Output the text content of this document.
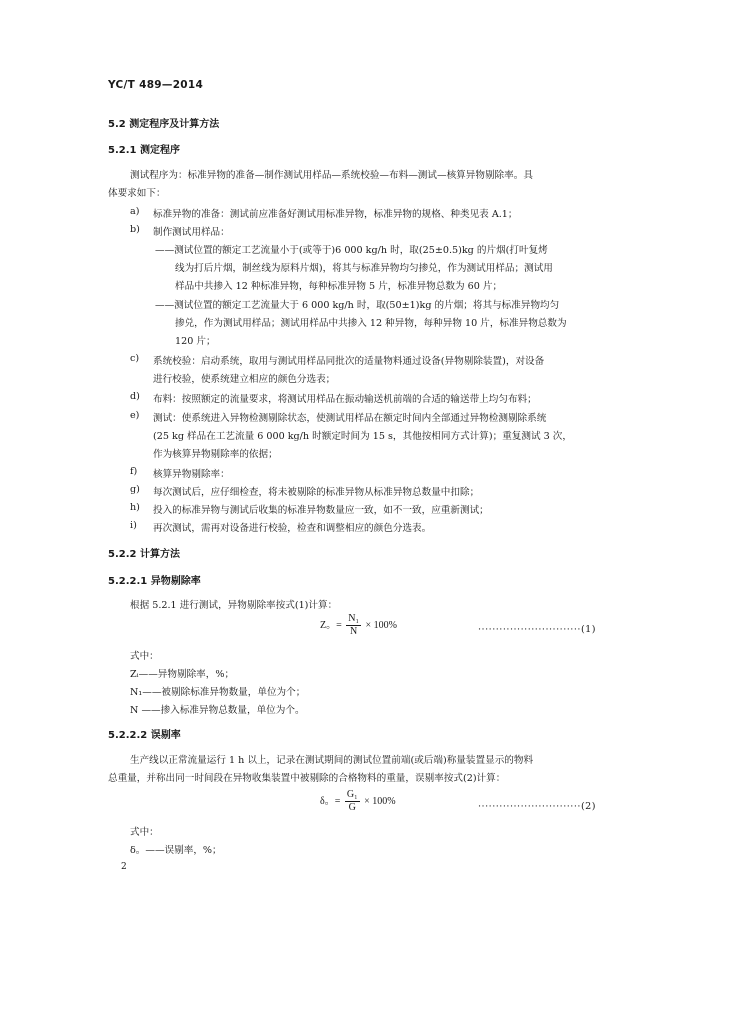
YC/T 489—2014
5.2 测定程序及计算方法
5.2.1 测定程序
测试程序为：标准异物的准备—制作测试用样品—系统校验—布料—测试—核算异物剔除率。具
体要求如下：
a) 标准异物的准备：测试前应准备好测试用标准异物，标准异物的规格、种类见表 A.1；
b) 制作测试用样品：
——测试位置的额定工艺流量小于(或等于)6 000 kg/h 时，取(25±0.5)kg 的片烟(打叶复烤
线为打后片烟，制丝线为原料片烟)，将其与标准异物均匀掺兑，作为测试用样品；测试用
样品中共掺入 12 种标准异物，每种标准异物 5 片，标准异物总数为 60 片；
——测试位置的额定工艺流量大于 6 000 kg/h 时，取(50±1)kg 的片烟；将其与标准异物均匀
掺兑，作为测试用样品；测试用样品中共掺入 12 种异物，每种异物 10 片，标准异物总数为
120 片；
c) 系统校验：启动系统，取用与测试用样品同批次的适量物料通过设备(异物剔除装置)，对设备
进行校验，使系统建立相应的颜色分选表；
d) 布料：按照额定的流量要求，将测试用样品在振动输送机前端的合适的输送带上均匀布料；
e) 测试：使系统进入异物检测剔除状态，使测试用样品在额定时间内全部通过异物检测剔除系统
(25 kg 样品在工艺流量 6 000 kg/h 时额定时间为 15 s，其他按相同方式计算)；重复测试 3 次，
作为核算异物剔除率的依据；
f) 核算异物剔除率：
g) 每次测试后，应仔细检查，将未被剔除的标准异物从标准异物总数量中扣除；
h) 投入的标准异物与测试后收集的标准异物数量应一致，如不一致，应重新测试；
i) 再次测试，需再对设备进行校验，检查和调整相应的颜色分选表。
5.2.2 计算方法
5.2.2.1 异物剔除率
根据 5.2.1 进行测试，异物剔除率按式(1)计算：
Z。= $\frac{\text{N₁}}{N} \times 100\%$	·····························(1)
式中：
Zᵢ——异物剔除率，%；
N₁——被剔除标准异物数量，单位为个；
N ——掺入标准异物总数量，单位为个。
5.2.2.2 误剔率
生产线以正常流量运行 1 h 以上，记录在测试期间的测试位置前端(或后端)称量装置显示的物料
总重量，并称出同一时间段在异物收集装置中被剔除的合格物料的重量，误剔率按式(2)计算：
δ。= $\frac{\text{G₁}}{G} \times 100\%$	·····························(2)
式中：
δ。——误剔率，%；
2
